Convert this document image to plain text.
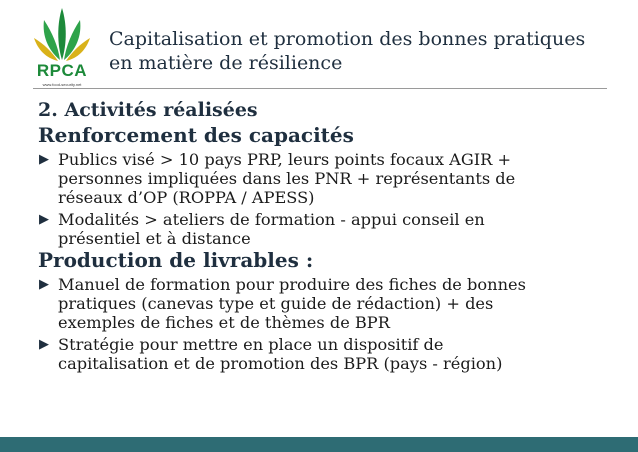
RPCA
www.food-security.net
Capitalisation et promotion des bonnes pratiques
en matière de résilience
2. Activités réalisées
Renforcement des capacités
▶ Publics visé > 10 pays PRP, leurs points focaux AGIR +
personnes impliquées dans les PNR + représentants de
réseaux d’OP (ROPPA / APESS)
▶ Modalités > ateliers de formation - appui conseil en
présentiel et à distance
Production de livrables :
▶ Manuel de formation pour produire des fiches de bonnes
pratiques (canevas type et guide de rédaction) + des
exemples de fiches et de thèmes de BPR
▶ Stratégie pour mettre en place un dispositif de
capitalisation et de promotion des BPR (pays - région)
